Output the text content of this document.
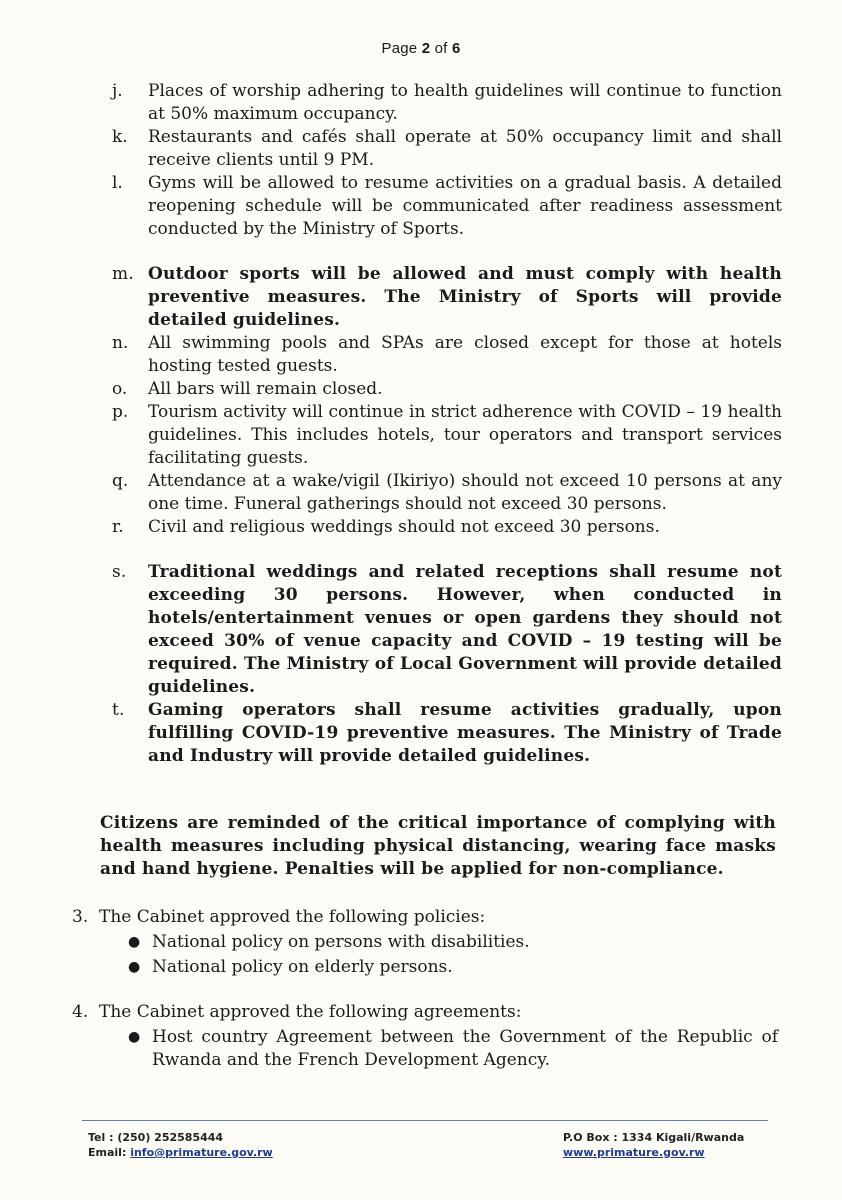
Page 2 of 6
j. Places of worship adhering to health guidelines will continue to function at 50% maximum occupancy.
k. Restaurants and cafés shall operate at 50% occupancy limit and shall receive clients until 9 PM.
l. Gyms will be allowed to resume activities on a gradual basis. A detailed reopening schedule will be communicated after readiness assessment conducted by the Ministry of Sports.
m. Outdoor sports will be allowed and must comply with health preventive measures. The Ministry of Sports will provide detailed guidelines.
n. All swimming pools and SPAs are closed except for those at hotels hosting tested guests.
o. All bars will remain closed.
p. Tourism activity will continue in strict adherence with COVID – 19 health guidelines. This includes hotels, tour operators and transport services facilitating guests.
q. Attendance at a wake/vigil (Ikiriyo) should not exceed 10 persons at any one time. Funeral gatherings should not exceed 30 persons.
r. Civil and religious weddings should not exceed 30 persons.
s. Traditional weddings and related receptions shall resume not exceeding 30 persons. However, when conducted in hotels/entertainment venues or open gardens they should not exceed 30% of venue capacity and COVID – 19 testing will be required. The Ministry of Local Government will provide detailed guidelines.
t. Gaming operators shall resume activities gradually, upon fulfilling COVID-19 preventive measures. The Ministry of Trade and Industry will provide detailed guidelines.
Citizens are reminded of the critical importance of complying with health measures including physical distancing, wearing face masks and hand hygiene. Penalties will be applied for non-compliance.
3. The Cabinet approved the following policies:
● National policy on persons with disabilities.
● National policy on elderly persons.
4. The Cabinet approved the following agreements:
● Host country Agreement between the Government of the Republic of Rwanda and the French Development Agency.
Tel : (250) 252585444
Email: info@primature.gov.rw
P.O Box : 1334 Kigali/Rwanda
www.primature.gov.rw
